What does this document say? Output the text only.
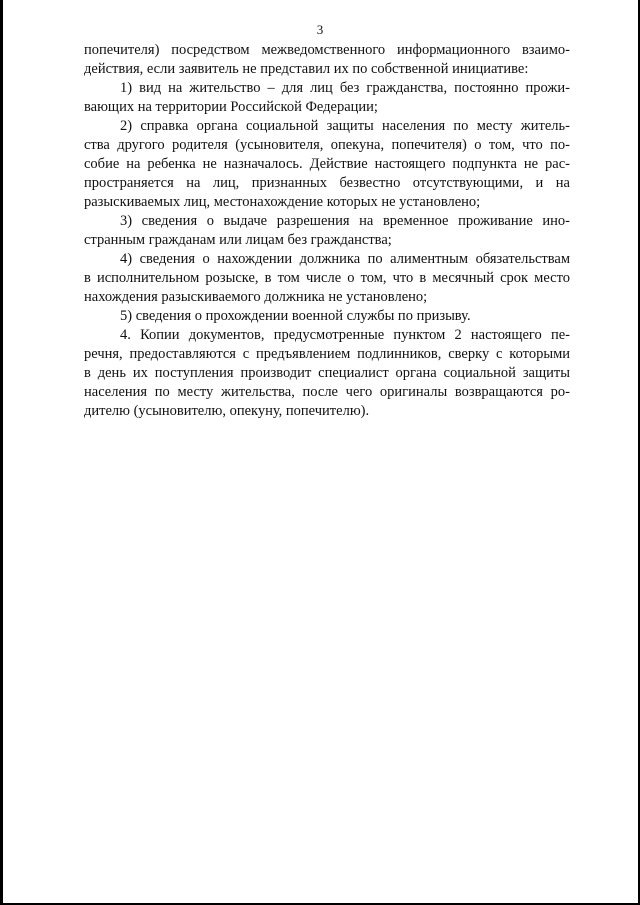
3
попечителя) посредством межведомственного информационного взаимо-
действия, если заявитель не представил их по собственной инициативе:
1) вид на жительство – для лиц без гражданства, постоянно прожи-
вающих на территории Российской Федерации;
2) справка органа социальной защиты населения по месту житель-
ства другого родителя (усыновителя, опекуна, попечителя) о том, что по-
собие на ребенка не назначалось. Действие настоящего подпункта не рас-
пространяется на лиц, признанных безвестно отсутствующими, и на
разыскиваемых лиц, местонахождение которых не установлено;
3) сведения о выдаче разрешения на временное проживание ино-
странным гражданам или лицам без гражданства;
4) сведения о нахождении должника по алиментным обязательствам
в исполнительном розыске, в том числе о том, что в месячный срок место
нахождения разыскиваемого должника не установлено;
5) сведения о прохождении военной службы по призыву.
4. Копии документов, предусмотренные пунктом 2 настоящего пе-
речня, предоставляются с предъявлением подлинников, сверку с которыми
в день их поступления производит специалист органа социальной защиты
населения по месту жительства, после чего оригиналы возвращаются ро-
дителю (усыновителю, опекуну, попечителю).
